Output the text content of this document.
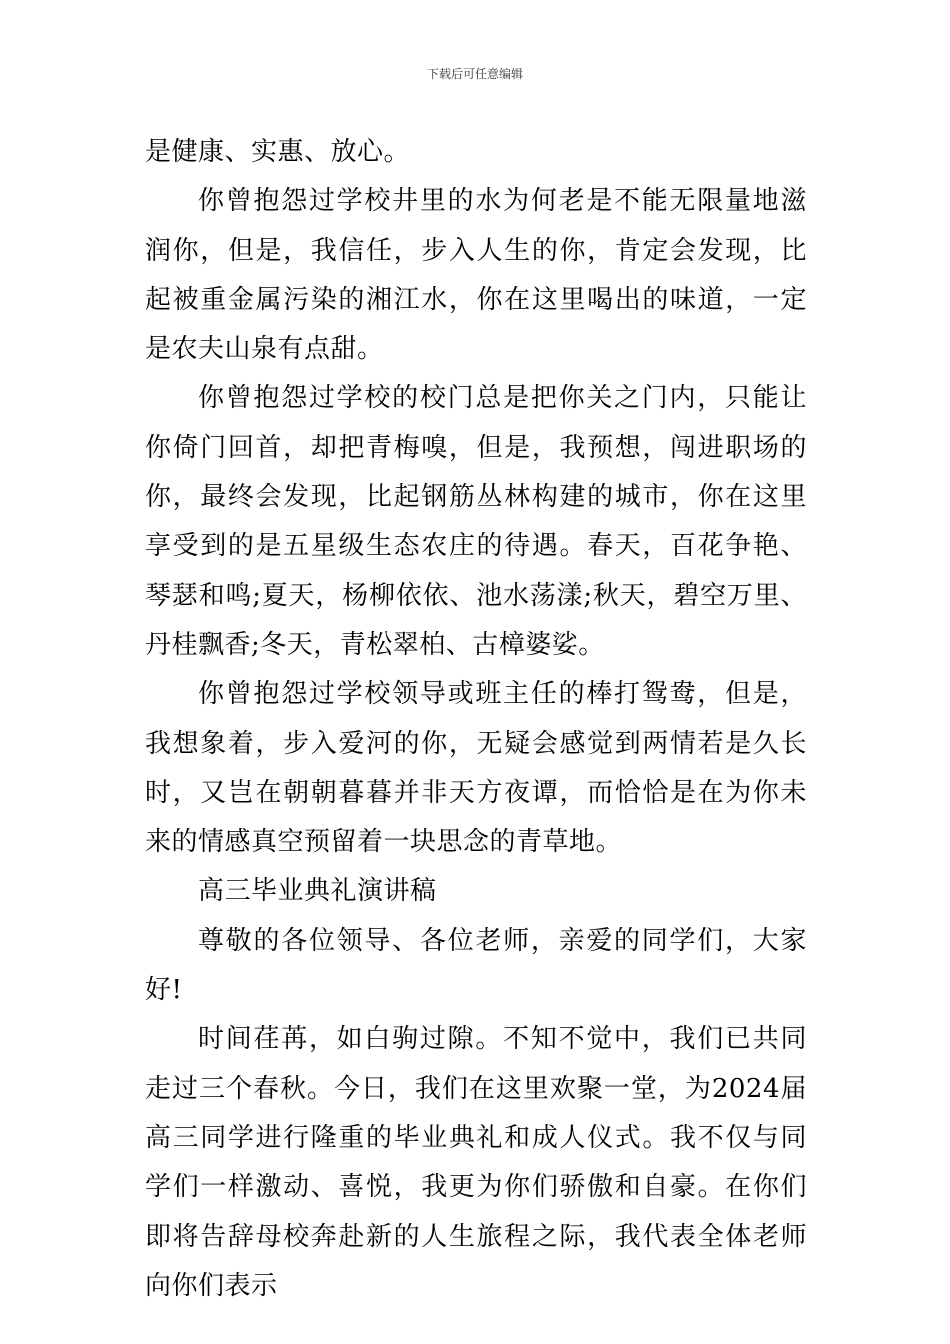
下载后可任意编辑

是健康、实惠、放心。

你曾抱怨过学校井里的水为何老是不能无限量地滋润你，但是，我信任，步入人生的你，肯定会发现，比起被重金属污染的湘江水，你在这里喝出的味道，一定是农夫山泉有点甜。

你曾抱怨过学校的校门总是把你关之门内，只能让你倚门回首，却把青梅嗅，但是，我预想，闯进职场的你，最终会发现，比起钢筋丛林构建的城市，你在这里享受到的是五星级生态农庄的待遇。春天，百花争艳、琴瑟和鸣;夏天，杨柳依依、池水荡漾;秋天，碧空万里、丹桂飘香;冬天，青松翠柏、古樟婆娑。

你曾抱怨过学校领导或班主任的棒打鸳鸯，但是，我想象着，步入爱河的你，无疑会感觉到两情若是久长时，又岂在朝朝暮暮并非天方夜谭，而恰恰是在为你未来的情感真空预留着一块思念的青草地。

高三毕业典礼演讲稿

尊敬的各位领导、各位老师，亲爱的同学们，大家好!

时间荏苒，如白驹过隙。不知不觉中，我们已共同走过三个春秋。今日，我们在这里欢聚一堂，为2024届高三同学进行隆重的毕业典礼和成人仪式。我不仅与同学们一样激动、喜悦，我更为你们骄傲和自豪。在你们即将告辞母校奔赴新的人生旅程之际，我代表全体老师向你们表示
